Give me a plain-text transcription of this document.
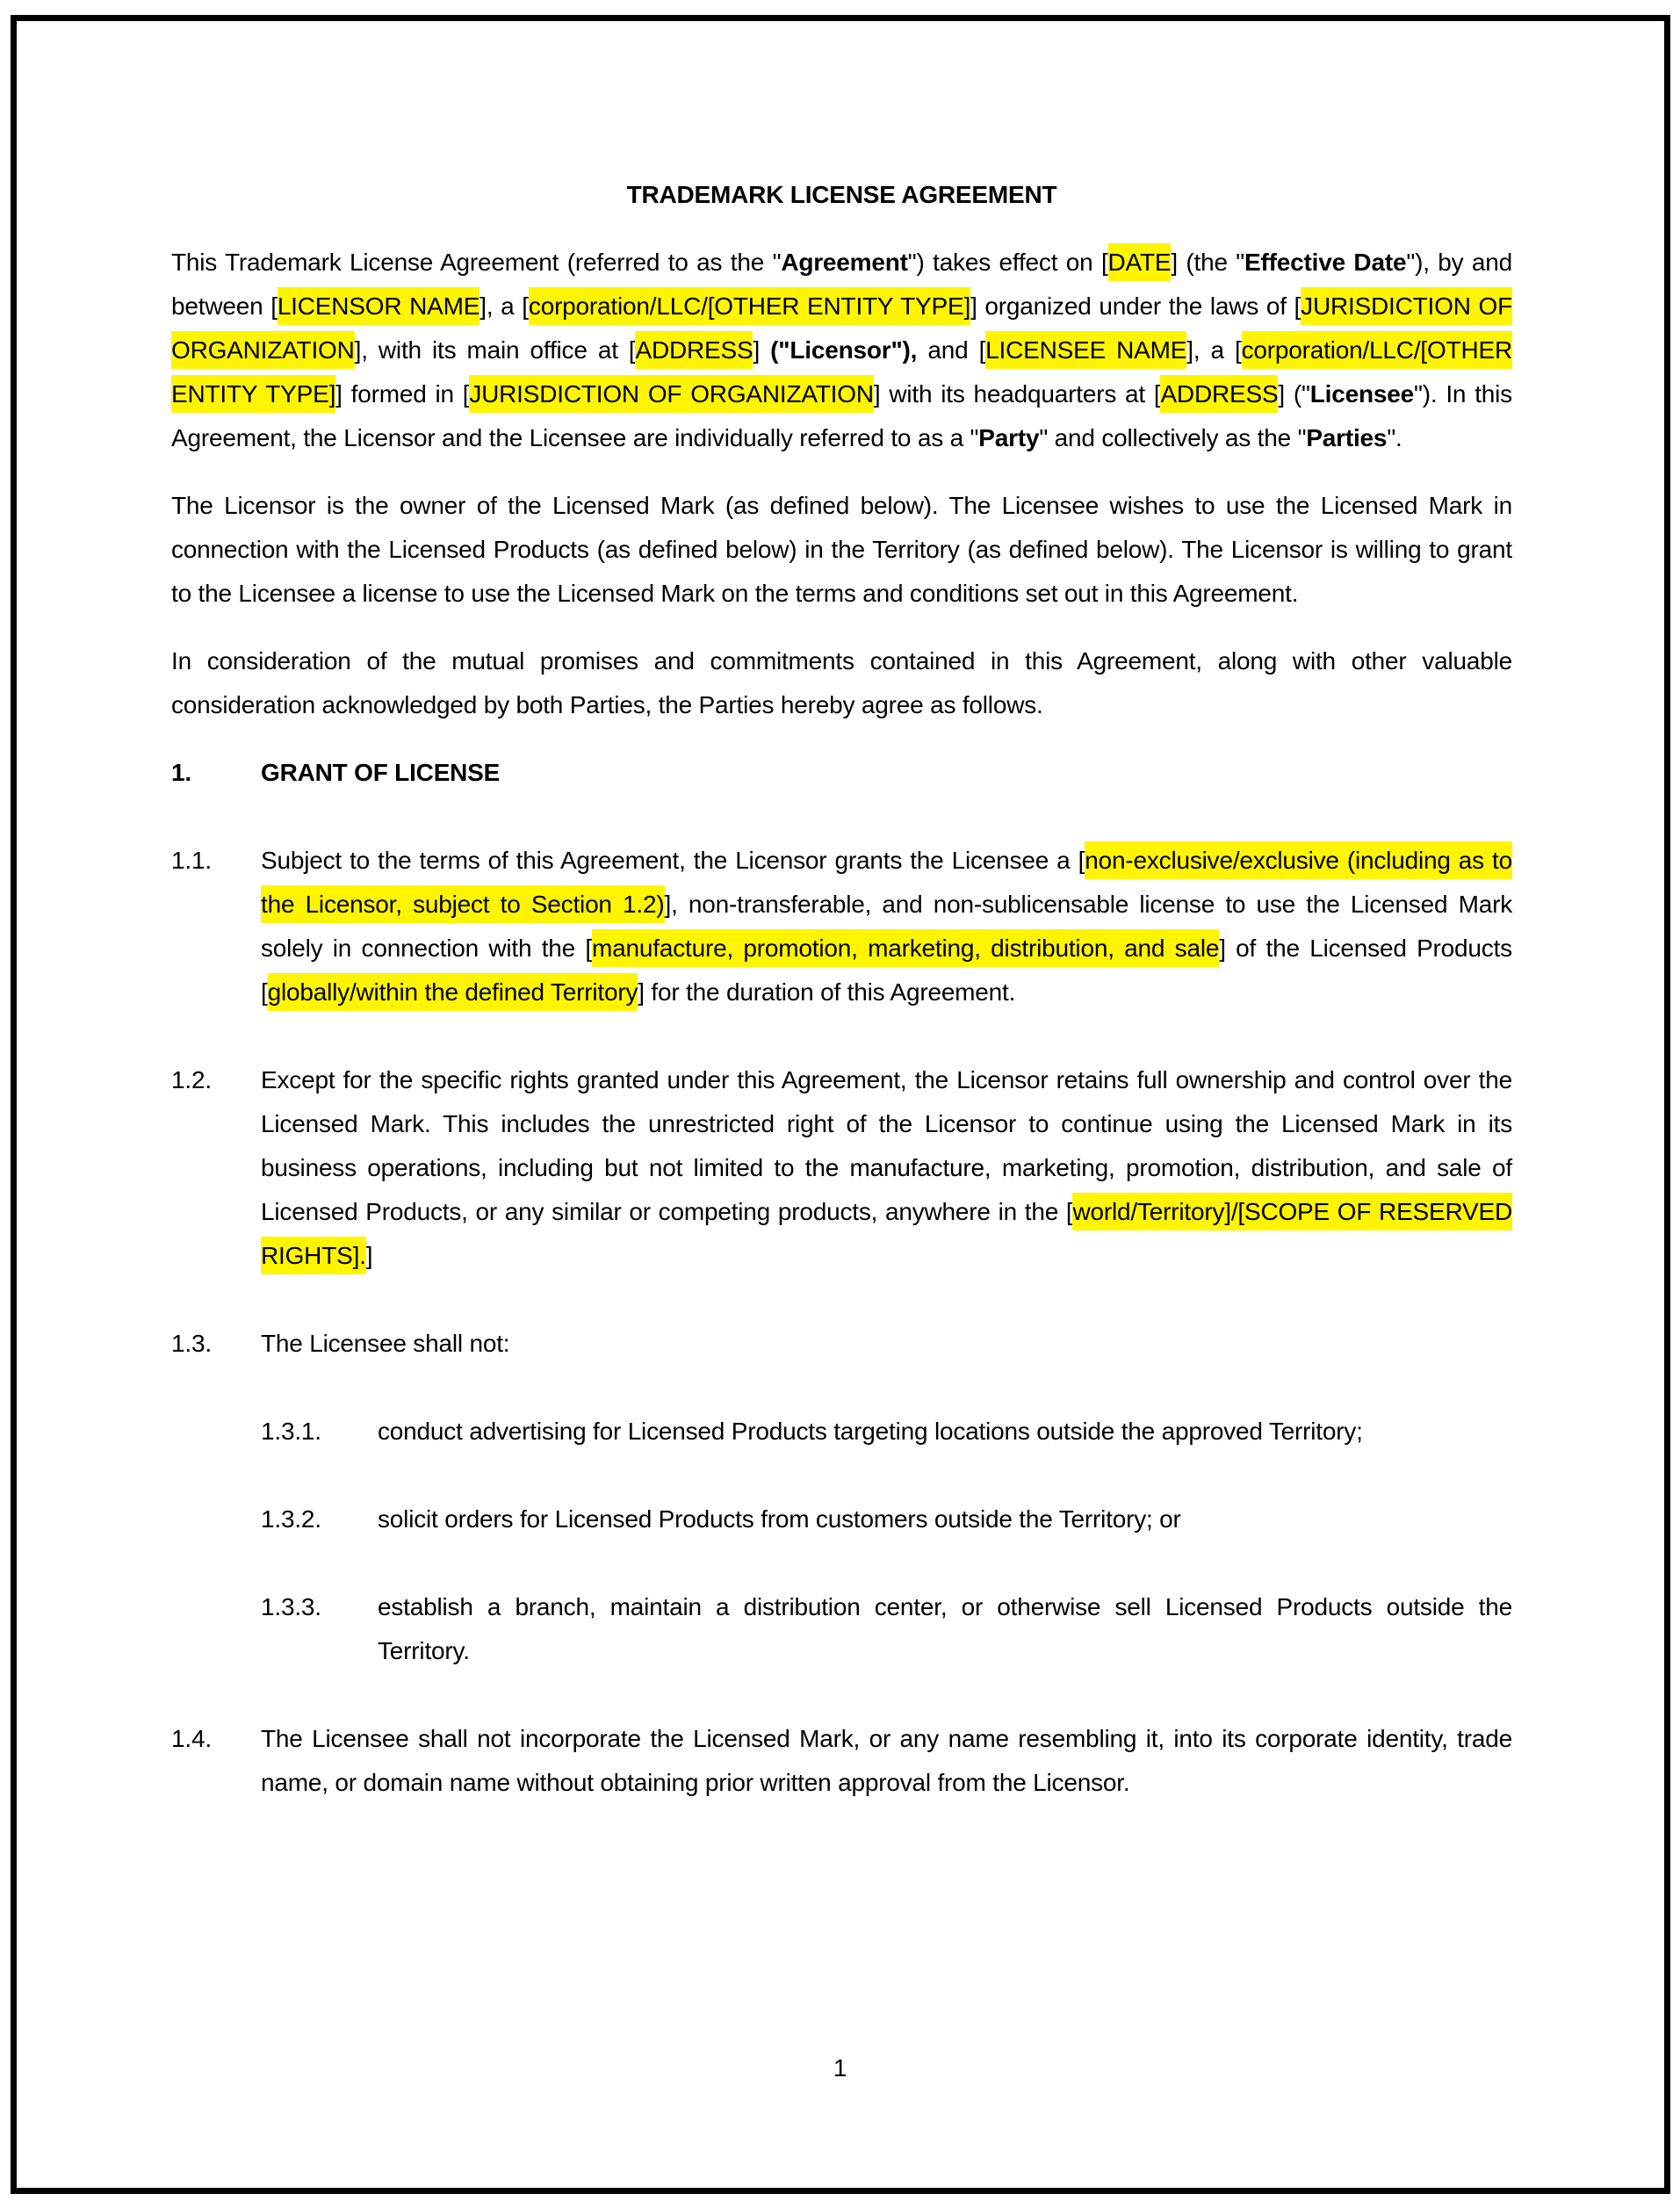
TRADEMARK LICENSE AGREEMENT

This Trademark License Agreement (referred to as the "Agreement") takes effect on [DATE] (the "Effective Date"), by and between [LICENSOR NAME], a [corporation/LLC/[OTHER ENTITY TYPE]] organized under the laws of [JURISDICTION OF ORGANIZATION], with its main office at [ADDRESS] ("Licensor"), and [LICENSEE NAME], a [corporation/LLC/[OTHER ENTITY TYPE]] formed in [JURISDICTION OF ORGANIZATION] with its headquarters at [ADDRESS] ("Licensee"). In this Agreement, the Licensor and the Licensee are individually referred to as a "Party" and collectively as the "Parties".

The Licensor is the owner of the Licensed Mark (as defined below). The Licensee wishes to use the Licensed Mark in connection with the Licensed Products (as defined below) in the Territory (as defined below). The Licensor is willing to grant to the Licensee a license to use the Licensed Mark on the terms and conditions set out in this Agreement.

In consideration of the mutual promises and commitments contained in this Agreement, along with other valuable consideration acknowledged by both Parties, the Parties hereby agree as follows.

1.	GRANT OF LICENSE
1.1.	Subject to the terms of this Agreement, the Licensor grants the Licensee a [non-exclusive/exclusive (including as to the Licensor, subject to Section 1.2)], non-transferable, and non-sublicensable license to use the Licensed Mark solely in connection with the [manufacture, promotion, marketing, distribution, and sale] of the Licensed Products [globally/within the defined Territory] for the duration of this Agreement.
1.2.	Except for the specific rights granted under this Agreement, the Licensor retains full ownership and control over the Licensed Mark. This includes the unrestricted right of the Licensor to continue using the Licensed Mark in its business operations, including but not limited to the manufacture, marketing, promotion, distribution, and sale of Licensed Products, or any similar or competing products, anywhere in the [world/Territory]/[SCOPE OF RESERVED RIGHTS].]
1.3.	The Licensee shall not:
1.3.1.	conduct advertising for Licensed Products targeting locations outside the approved Territory;
1.3.2.	solicit orders for Licensed Products from customers outside the Territory; or
1.3.3.	establish a branch, maintain a distribution center, or otherwise sell Licensed Products outside the Territory.
1.4.	The Licensee shall not incorporate the Licensed Mark, or any name resembling it, into its corporate identity, trade name, or domain name without obtaining prior written approval from the Licensor.
1
